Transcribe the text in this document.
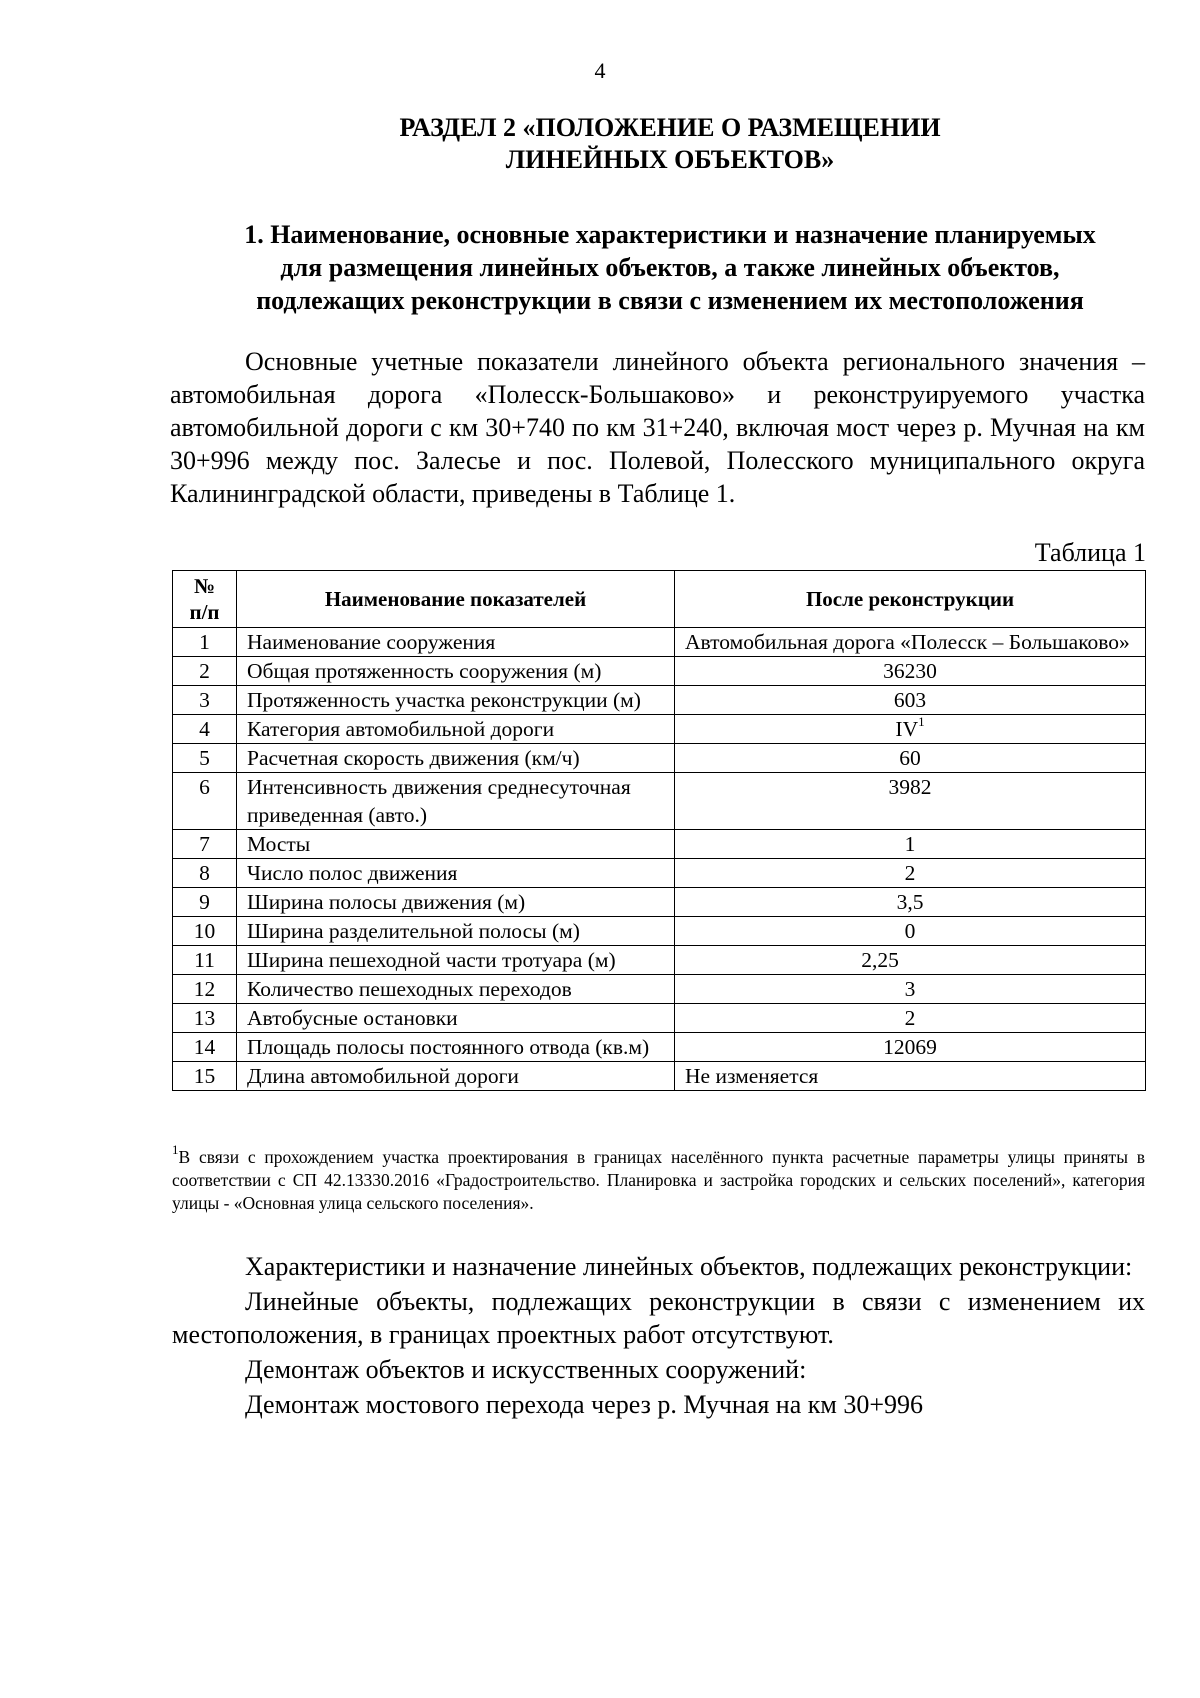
4
РАЗДЕЛ 2 «ПОЛОЖЕНИЕ О РАЗМЕЩЕНИИ
ЛИНЕЙНЫХ ОБЪЕКТОВ»
1. Наименование, основные характеристики и назначение планируемых
для размещения линейных объектов, а также линейных объектов,
подлежащих реконструкции в связи с изменением их местоположения

Основные учетные показатели линейного объекта регионального значения – автомобильная дорога «Полесск-Большаково» и реконструируемого участка автомобильной дороги с км 30+740 по км 31+240, включая мост через р. Мучная на км 30+996 между пос. Залесье и пос. Полевой, Полесского муниципального округа Калининградской области, приведены в Таблице 1.

Таблица 1
№
п/п	Наименование показателей	После реконструкции
1	Наименование сооружения	Автомобильная дорога «Полесск – Большаково»
2	Общая протяженность сооружения (м)	36230
3	Протяженность участка реконструкции (м)	603
4	Категория автомобильной дороги	$IV^1$
5	Расчетная скорость движения (км/ч)	60
6	Интенсивность движения среднесуточная приведенная (авто.)	3982
7	Мосты	1
8	Число полос движения	2
9	Ширина полосы движения (м)	3,5
10	Ширина разделительной полосы (м)	0
11	Ширина пешеходной части тротуара (м)	2,25
12	Количество пешеходных переходов	3
13	Автобусные остановки	2
14	Площадь полосы постоянного отвода (кв.м)	12069
15	Длина автомобильной дороги	Не изменяется

$^1$В связи с прохождением участка проектирования в границах населённого пункта расчетные параметры улицы приняты в соответствии с СП 42.13330.2016 «Градостроительство. Планировка и застройка городских и сельских поселений», категория улицы - «Основная улица сельского поселения».

Характеристики и назначение линейных объектов, подлежащих реконструкции:

Линейные объекты, подлежащих реконструкции в связи с изменением их местоположения, в границах проектных работ отсутствуют.

Демонтаж объектов и искусственных сооружений:

Демонтаж мостового перехода через р. Мучная на км 30+996
